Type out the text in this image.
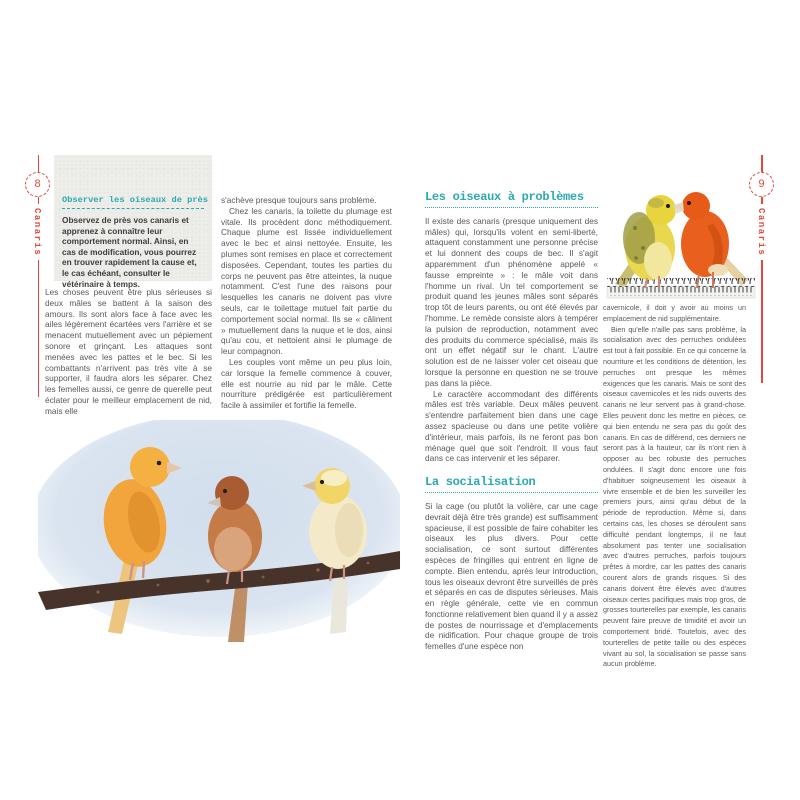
8
Canaris
Observer les oiseaux de près

Observez de près vos canaris et apprenez à connaître leur comportement normal. Ainsi, en cas de modification, vous pourrez en trouver rapidement la cause et, le cas échéant, consulter le vétérinaire à temps.

Les choses peuvent être plus sérieuses si deux mâles se battent à la saison des amours. Ils sont alors face à face avec les ailes légèrement écartées vers l'arrière et se menacent mutuellement avec un pépiement sonore et grinçant. Les attaques sont menées avec les pattes et le bec. Si les combattants n'arrivent pas très vite à se supporter, il faudra alors les séparer. Chez les femelles aussi, ce genre de querelle peut éclater pour le meilleur emplacement de nid, mais elle

s'achève presque toujours sans problème.

Chez les canaris, la toilette du plumage est vitale. Ils procèdent donc méthodiquement. Chaque plume est lissée individuellement avec le bec et ainsi nettoyée. Ensuite, les plumes sont remises en place et correctement disposées. Cependant, toutes les parties du corps ne peuvent pas être atteintes, la nuque notamment. C'est l'une des raisons pour lesquelles les canaris ne doivent pas vivre seuls, car le toilettage mutuel fait partie du comportement social normal. Ils se « câlinent » mutuellement dans la nuque et le dos, ainsi qu'au cou, et nettoient ainsi le plumage de leur compagnon.

Les couples vont même un peu plus loin, car lorsque la femelle commence à couver, elle est nourrie au nid par le mâle. Cette nourriture prédigérée est particulièrement facile à assimiler et fortifie la femelle.

9
Canaris
Les oiseaux à problèmes

Il existe des canaris (presque uniquement des mâles) qui, lorsqu'ils volent en semi-liberté, attaquent constamment une personne précise et lui donnent des coups de bec. Il s'agit apparemment d'un phénomène appelé « fausse empreinte » : le mâle voit dans l'homme un rival. Un tel comportement se produit quand les jeunes mâles sont séparés trop tôt de leurs parents, ou ont été élevés par l'homme. Le remède consiste alors à tempérer la pulsion de reproduction, notamment avec des produits du commerce spécialisé, mais ils ont un effet négatif sur le chant. L'autre solution est de ne laisser voler cet oiseau que lorsque la personne en question ne se trouve pas dans la pièce.

Le caractère accommodant des différents mâles est très variable. Deux mâles peuvent s'entendre parfaitement bien dans une cage assez spacieuse ou dans une petite volière d'intérieur, mais parfois, ils ne feront pas bon ménage quel que soit l'endroit. Il vous faut dans ce cas intervenir et les séparer.

La socialisation

Si la cage (ou plutôt la volière, car une cage devrait déjà être très grande) est suffisamment spacieuse, il est possible de faire cohabiter les oiseaux les plus divers. Pour cette socialisation, ce sont surtout différentes espèces de fringilles qui entrent en ligne de compte. Bien entendu, après leur introduction, tous les oiseaux devront être surveillés de près et séparés en cas de disputes sérieuses. Mais en règle générale, cette vie en commun fonctionne relativement bien quand il y a assez de postes de nourrissage et d'emplacements de nidification. Pour chaque groupe de trois femelles d'une espèce non

cavernicole, il doit y avoir au moins un emplacement de nid supplémentaire.

Bien qu'elle n'aille pas sans problème, la socialisation avec des perruches ondulées est tout à fait possible. En ce qui concerne la nourriture et les conditions de détention, les perruches ont presque les mêmes exigences que les canaris. Mais ce sont des oiseaux cavernicoles et les nids ouverts des canaris ne leur servent pas à grand-chose. Elles peuvent donc les mettre en pièces, ce qui bien entendu ne sera pas du goût des canaris. En cas de différend, ces derniers ne seront pas à la hauteur, car ils n'ont rien à opposer au bec robuste des perruches ondulées. Il s'agit donc encore une fois d'habituer soigneusement les oiseaux à vivre ensemble et de bien les surveiller les premiers jours, ainsi qu'au début de la période de reproduction. Même si, dans certains cas, les choses se déroulent sans difficulté pendant longtemps, il ne faut absolument pas tenter une socialisation avec d'autres perruches, parfois toujours prêtes à mordre, car les pattes des canaris courent alors de grands risques. Si des canaris doivent être élevés avec d'autres oiseaux certes pacifiques mais trop gros, de grosses tourterelles par exemple, les canaris peuvent faire preuve de timidité et avoir un comportement bridé. Toutefois, avec des tourterelles de petite taille ou des espèces vivant au sol, la socialisation se passe sans aucun problème.
